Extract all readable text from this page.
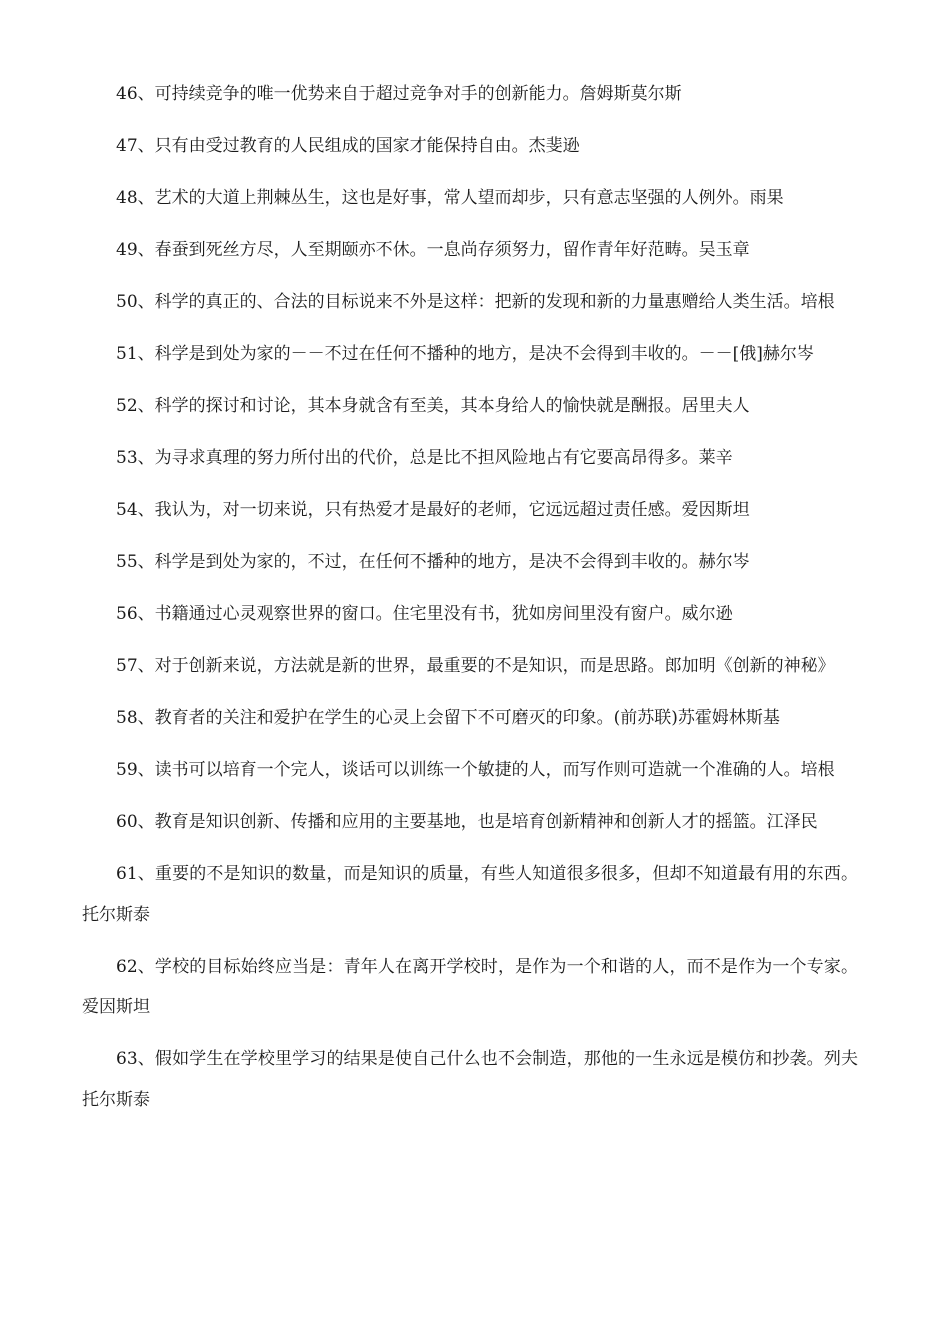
46、可持续竞争的唯一优势来自于超过竞争对手的创新能力。詹姆斯莫尔斯

47、只有由受过教育的人民组成的国家才能保持自由。杰斐逊

48、艺术的大道上荆棘丛生，这也是好事，常人望而却步，只有意志坚强的人例外。雨果

49、春蚕到死丝方尽，人至期颐亦不休。一息尚存须努力，留作青年好范畴。吴玉章

50、科学的真正的、合法的目标说来不外是这样：把新的发现和新的力量惠赠给人类生活。培根

51、科学是到处为家的－－不过在任何不播种的地方，是决不会得到丰收的。－－[俄]赫尔岑

52、科学的探讨和讨论，其本身就含有至美，其本身给人的愉快就是酬报。居里夫人

53、为寻求真理的努力所付出的代价，总是比不担风险地占有它要高昂得多。莱辛

54、我认为，对一切来说，只有热爱才是最好的老师，它远远超过责任感。爱因斯坦

55、科学是到处为家的，不过，在任何不播种的地方，是决不会得到丰收的。赫尔岑

56、书籍通过心灵观察世界的窗口。住宅里没有书，犹如房间里没有窗户。威尔逊

57、对于创新来说，方法就是新的世界，最重要的不是知识，而是思路。郎加明《创新的神秘》

58、教育者的关注和爱护在学生的心灵上会留下不可磨灭的印象。(前苏联)苏霍姆林斯基

59、读书可以培育一个完人，谈话可以训练一个敏捷的人，而写作则可造就一个准确的人。培根

60、教育是知识创新、传播和应用的主要基地，也是培育创新精神和创新人才的摇篮。江泽民

61、重要的不是知识的数量，而是知识的质量，有些人知道很多很多，但却不知道最有用的东西。托尔斯泰

62、学校的目标始终应当是：青年人在离开学校时，是作为一个和谐的人，而不是作为一个专家。爱因斯坦

63、假如学生在学校里学习的结果是使自己什么也不会制造，那他的一生永远是模仿和抄袭。列夫托尔斯泰
